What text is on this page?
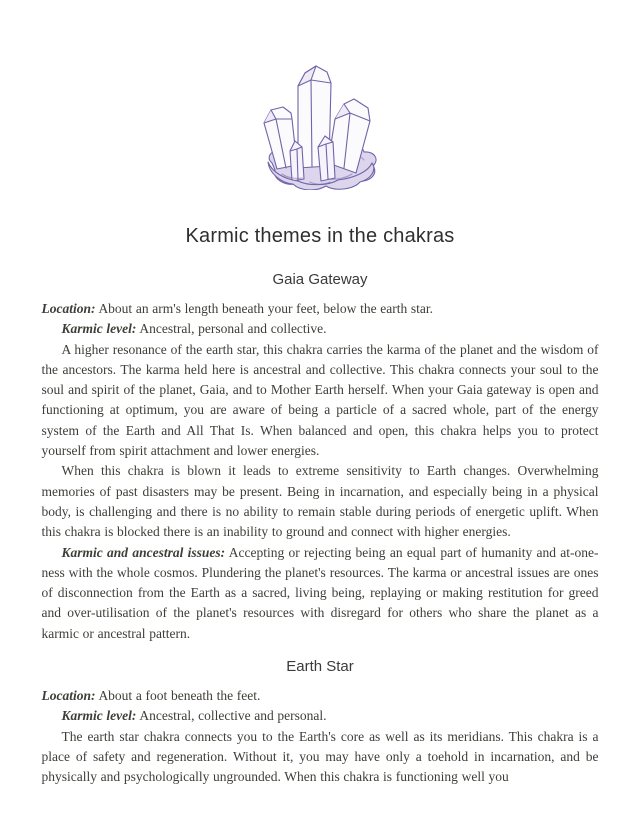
Karmic themes in the chakras
Gaia Gateway

Location: About an arm's length beneath your feet, below the earth star.

Karmic level: Ancestral, personal and collective.

A higher resonance of the earth star, this chakra carries the karma of the planet and the wisdom of the ancestors. The karma held here is ancestral and collective. This chakra connects your soul to the soul and spirit of the planet, Gaia, and to Mother Earth herself. When your Gaia gateway is open and functioning at optimum, you are aware of being a particle of a sacred whole, part of the energy system of the Earth and All That Is. When balanced and open, this chakra helps you to protect yourself from spirit attachment and lower energies.

When this chakra is blown it leads to extreme sensitivity to Earth changes. Overwhelming memories of past disasters may be present. Being in incarnation, and especially being in a physical body, is challenging and there is no ability to remain stable during periods of energetic uplift. When this chakra is blocked there is an inability to ground and connect with higher energies.

Karmic and ancestral issues: Accepting or rejecting being an equal part of humanity and at-one-ness with the whole cosmos. Plundering the planet's resources. The karma or ancestral issues are ones of disconnection from the Earth as a sacred, living being, replaying or making restitution for greed and over-utilisation of the planet's resources with disregard for others who share the planet as a karmic or ancestral pattern.

Earth Star

Location: About a foot beneath the feet.

Karmic level: Ancestral, collective and personal.

The earth star chakra connects you to the Earth's core as well as its meridians. This chakra is a place of safety and regeneration. Without it, you may have only a toehold in incarnation, and be physically and psychologically ungrounded. When this chakra is functioning well you
